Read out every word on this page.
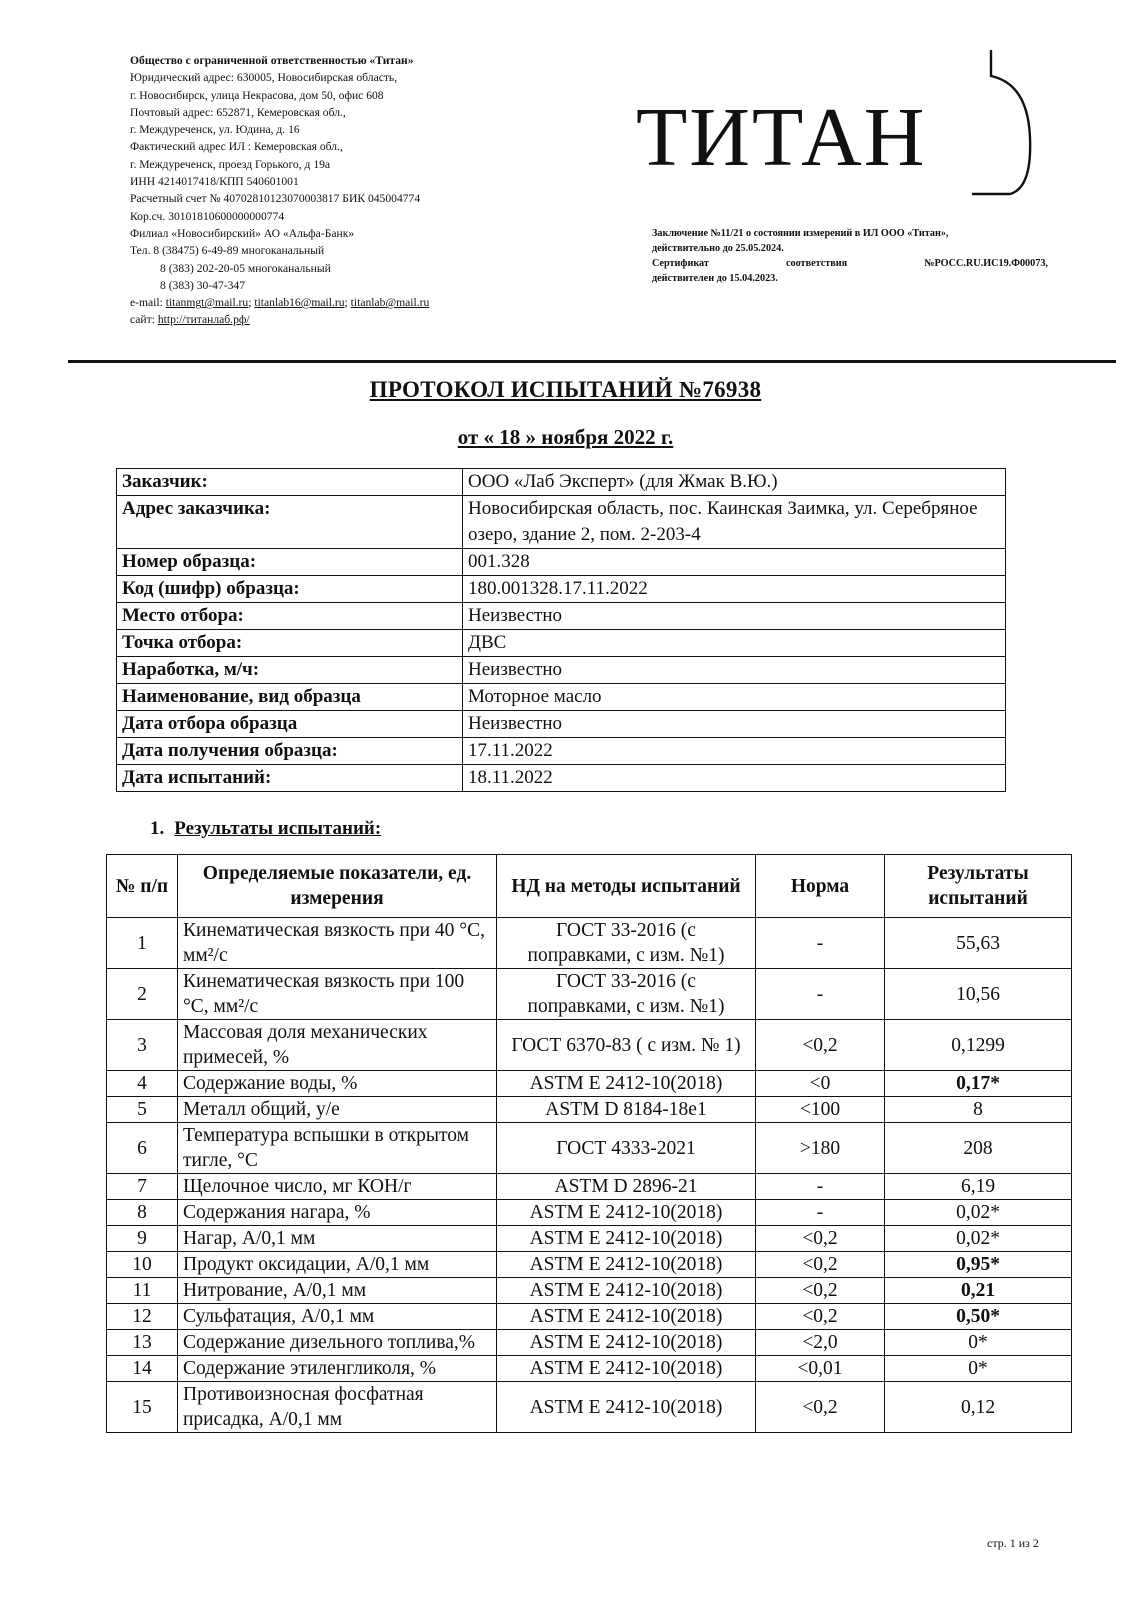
Общество с ограниченной ответственностью «Титан»
Юридический адрес: 630005, Новосибирская область,
г. Новосибирск, улица Некрасова, дом 50, офис 608
Почтовый адрес: 652871, Кемеровская обл.,
г. Междуреченск, ул. Юдина, д. 16
Фактический адрес ИЛ : Кемеровская обл.,
г. Междуреченск, проезд Горького, д 19а
ИНН 4214017418/КПП 540601001
Расчетный счет № 40702810123070003817 БИК 045004774
Кор.сч. 30101810600000000774
Филиал «Новосибирский» АО «Альфа-Банк»
Тел. 8 (38475) 6-49-89 многоканальный
8 (383) 202-20-05 многоканальный
8 (383) 30-47-347
e-mail: titanmgt@mail.ru; titanlab16@mail.ru; titanlab@mail.ru
сайт: http://титанлаб.рф/
ТИТАН
Заключение №11/21 о состоянии измерений в ИЛ ООО «Титан»,
действительно до 25.05.2024.
Сертификат	соответствия	№РОСС.RU.ИС19.Ф00073,
действителен до 15.04.2023.
ПРОТОКОЛ ИСПЫТАНИЙ №76938
от « 18 » ноября 2022 г.
Заказчик:	ООО «Лаб Эксперт» (для Жмак В.Ю.)
Адрес заказчика:	Новосибирская область, пос. Каинская Заимка, ул. Серебряное озеро, здание 2, пом. 2-203-4
Номер образца:	001.328
Код (шифр) образца:	180.001328.17.11.2022
Место отбора:	Неизвестно
Точка отбора:	ДВС
Наработка, м/ч:	Неизвестно
Наименование, вид образца	Моторное масло
Дата отбора образца	Неизвестно
Дата получения образца:	17.11.2022
Дата испытаний:	18.11.2022
1. Результаты испытаний:
№ п/п	Определяемые показатели, ед. измерения	НД на методы испытаний	Норма	Результаты испытаний
1	Кинематическая вязкость при 40 °С, мм²/с	ГОСТ 33-2016 (с поправками, с изм. №1)	-	55,63
2	Кинематическая вязкость при 100 °С, мм²/с	ГОСТ 33-2016 (с поправками, с изм. №1)	-	10,56
3	Массовая доля механических примесей, %	ГОСТ 6370-83 ( с изм. № 1)	<0,2	0,1299
4	Содержание воды, %	ASTM E 2412-10(2018)	<0	0,17*
5	Металл общий, у/е	ASTM D 8184-18e1	<100	8
6	Температура вспышки в открытом тигле, °С	ГОСТ 4333-2021	>180	208
7	Щелочное число, мг КОН/г	ASTM D 2896-21	-	6,19
8	Содержания нагара, %	ASTM E 2412-10(2018)	-	0,02*
9	Нагар, А/0,1 мм	ASTM E 2412-10(2018)	<0,2	0,02*
10	Продукт оксидации, А/0,1 мм	ASTM E 2412-10(2018)	<0,2	0,95*
11	Нитрование, А/0,1 мм	ASTM E 2412-10(2018)	<0,2	0,21
12	Сульфатация, А/0,1 мм	ASTM E 2412-10(2018)	<0,2	0,50*
13	Содержание дизельного топлива,%	ASTM E 2412-10(2018)	<2,0	0*
14	Содержание этиленгликоля, %	ASTM E 2412-10(2018)	<0,01	0*
15	Противоизносная фосфатная присадка, А/0,1 мм	ASTM E 2412-10(2018)	<0,2	0,12
стр. 1 из 2
